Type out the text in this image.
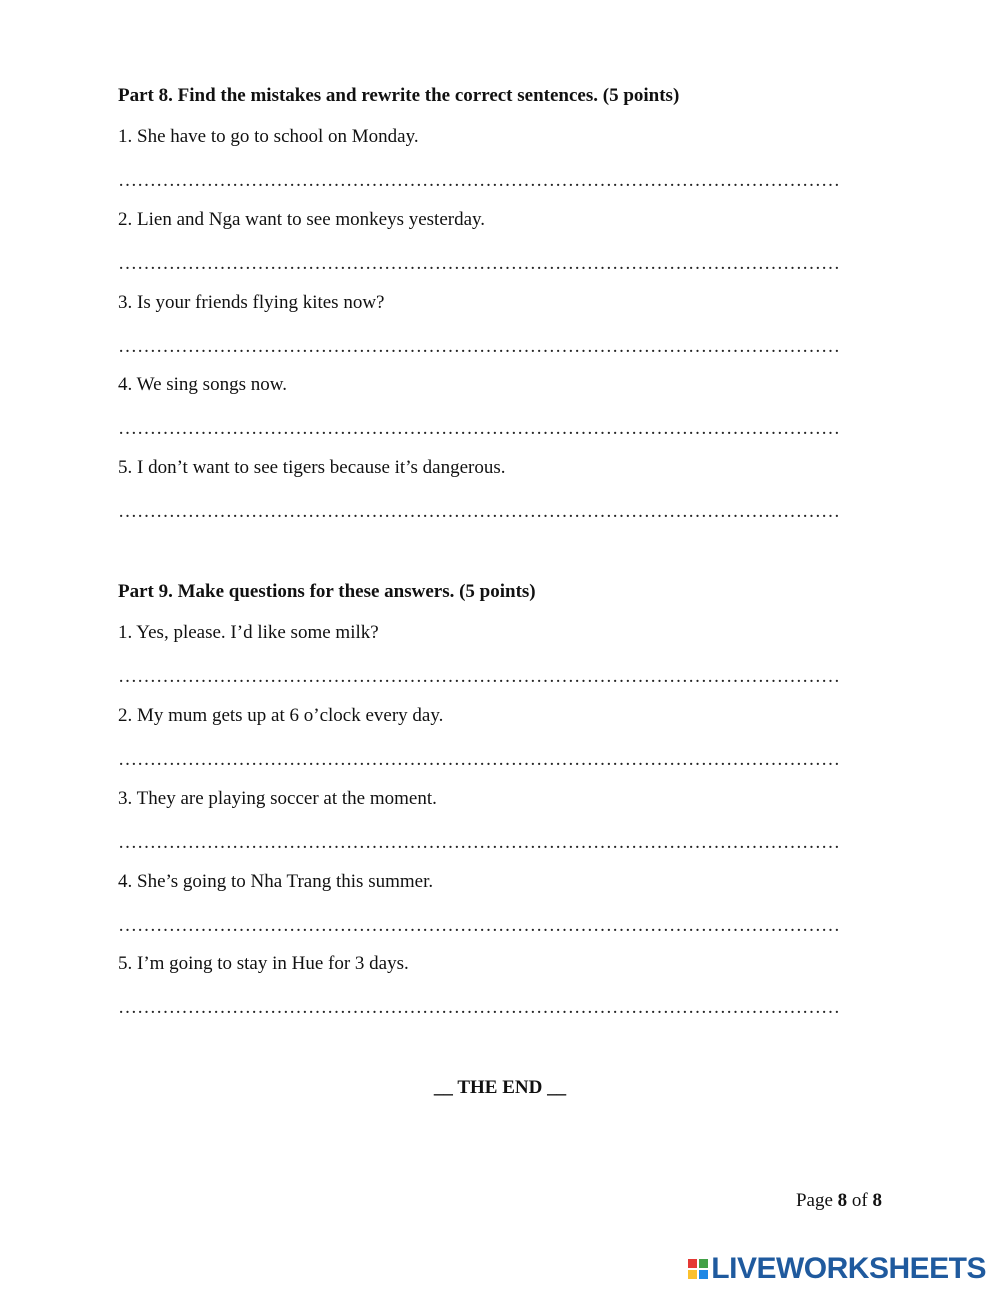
Part 8. Find the mistakes and rewrite the correct sentences. (5 points)
1. She have to go to school on Monday.
……………………………………………………………………………………………………
2. Lien and Nga want to see monkeys yesterday.
……………………………………………………………………………………………………
3. Is your friends flying kites now?
……………………………………………………………………………………………………
4. We sing songs now.
……………………………………………………………………………………………………
5. I don’t want to see tigers because it’s dangerous.
……………………………………………………………………………………………………
Part 9. Make questions for these answers. (5 points)
1. Yes, please. I’d like some milk?
……………………………………………………………………………………………………
2. My mum gets up at 6 o’clock every day.
……………………………………………………………………………………………………
3. They are playing soccer at the moment.
……………………………………………………………………………………………………
4. She’s going to Nha Trang this summer.
……………………………………………………………………………………………………
5. I’m going to stay in Hue for 3 days.
……………………………………………………………………………………………………
__ THE END __
Page 8 of 8
LIVEWORKSHEETS
